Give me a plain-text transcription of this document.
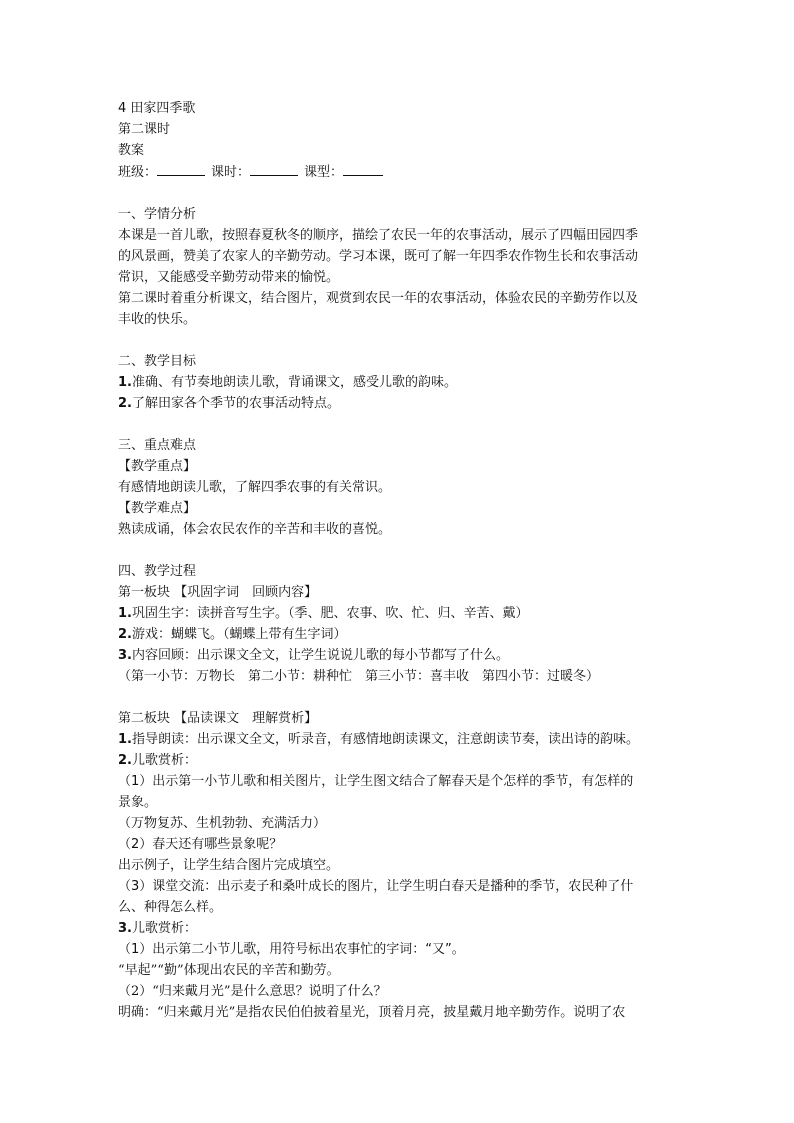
4 田家四季歌

第二课时

教案

班级：	课时：	课型：

一、学情分析

本课是一首儿歌，按照春夏秋冬的顺序，描绘了农民一年的农事活动，展示了四幅田园四季

的风景画，赞美了农家人的辛勤劳动。学习本课，既可了解一年四季农作物生长和农事活动

常识，又能感受辛勤劳动带来的愉悦。

第二课时着重分析课文，结合图片，观赏到农民一年的农事活动，体验农民的辛勤劳作以及

丰收的快乐。

二、教学目标

1.准确、有节奏地朗读儿歌，背诵课文，感受儿歌的韵味。

2.了解田家各个季节的农事活动特点。

三、重点难点

【教学重点】

有感情地朗读儿歌，了解四季农事的有关常识。

【教学难点】

熟读成诵，体会农民农作的辛苦和丰收的喜悦。

四、教学过程

第一板块 【巩固字词　回顾内容】

1.巩固生字：读拼音写生字。（季、肥、农事、吹、忙、归、辛苦、戴）

2.游戏：蝴蝶飞。（蝴蝶上带有生字词）

3.内容回顾：出示课文全文，让学生说说儿歌的每小节都写了什么。

（第一小节：万物长　第二小节：耕种忙　第三小节：喜丰收　第四小节：过暖冬）

第二板块 【品读课文　理解赏析】

1.指导朗读：出示课文全文，听录音，有感情地朗读课文，注意朗读节奏，读出诗的韵味。

2.儿歌赏析：

（1）出示第一小节儿歌和相关图片，让学生图文结合了解春天是个怎样的季节，有怎样的

景象。

（万物复苏、生机勃勃、充满活力）

（2）春天还有哪些景象呢？

出示例子，让学生结合图片完成填空。

（3）课堂交流：出示麦子和桑叶成长的图片，让学生明白春天是播种的季节，农民种了什

么、种得怎么样。

3.儿歌赏析：

（1）出示第二小节儿歌，用符号标出农事忙的字词：“又”。

“早起”“勤”体现出农民的辛苦和勤劳。

（2）“归来戴月光”是什么意思？说明了什么？

明确：“归来戴月光”是指农民伯伯披着星光，顶着月亮，披星戴月地辛勤劳作。说明了农
